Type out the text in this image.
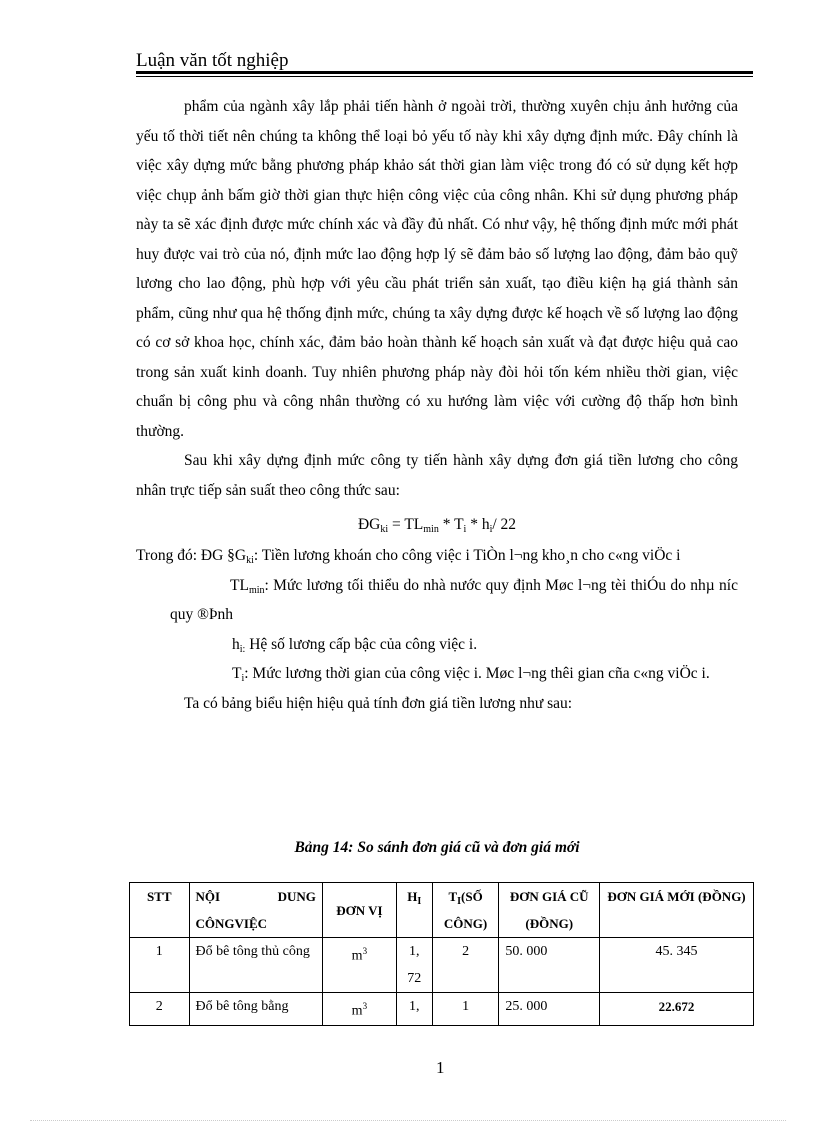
Luận văn tốt nghiệp

phẩm của ngành xây lắp phải tiến hành ở ngoài trời, thường xuyên chịu ảnh hưởng của yếu tố thời tiết nên chúng ta không thể loại bỏ yếu tố này khi xây dựng định mức. Đây chính là việc xây dựng mức bằng phương pháp khảo sát thời gian làm việc trong đó có sử dụng kết hợp việc chụp ảnh bấm giờ thời gian thực hiện công việc của công nhân. Khi sử dụng phương pháp này ta sẽ xác định được mức chính xác và đầy đủ nhất. Có như vậy, hệ thống định mức mới phát huy được vai trò của nó, định mức lao động hợp lý sẽ đảm bảo số lượng lao động, đảm bảo quỹ lương cho lao động, phù hợp với yêu cầu phát triển sản xuất, tạo điều kiện hạ giá thành sản phẩm, cũng như qua hệ thống định mức, chúng ta xây dựng được kế hoạch về số lượng lao động có cơ sở khoa học, chính xác, đảm bảo hoàn thành kế hoạch sản xuất và đạt được hiệu quả cao trong sản xuất kinh doanh. Tuy nhiên phương pháp này đòi hỏi tốn kém nhiều thời gian, việc chuẩn bị công phu và công nhân thường có xu hướng làm việc với cường độ thấp hơn bình thường.

Sau khi xây dựng định mức công ty tiến hành xây dựng đơn giá tiền lương cho công nhân trực tiếp sản suất theo công thức sau:

$ĐG_{ki} = TL_{min} * T_i * h_i/$ 22

Trong đó: ĐG $\S G_{ki}$: Tiền lương khoán cho công việc i TiÒn l¬ng kho¸n cho c«ng viÖc i

$TL_{min}$: Mức lương tối thiểu do nhà nước quy định Møc l¬ng tèi thiÓu do nhµ níc quy ®Þnh

$h_{i:}$ Hệ số lương cấp bậc của công việc i.

$T_i$: Mức lương thời gian của công việc i. Møc l¬ng thêi gian cña c«ng viÖc i.

Ta có bảng biểu hiện hiệu quả tính đơn giá tiền lương như sau:

Bảng 14: So sánh đơn giá cũ và đơn giá mới
STT	NỘI DUNG CÔNGVIỆC	ĐƠN VỊ	$H_I$	$T_I(SỐ$ CÔNG)	ĐƠN GIÁ CŨ (ĐỒNG)	ĐƠN GIÁ MỚI (ĐỒNG)
1	Đổ bê tông thủ công	$m^3$	1, 72	2	50. 000	45. 345
2	Đổ bê tông bằng	$m^3$	1,	1	25. 000	22.672
1
